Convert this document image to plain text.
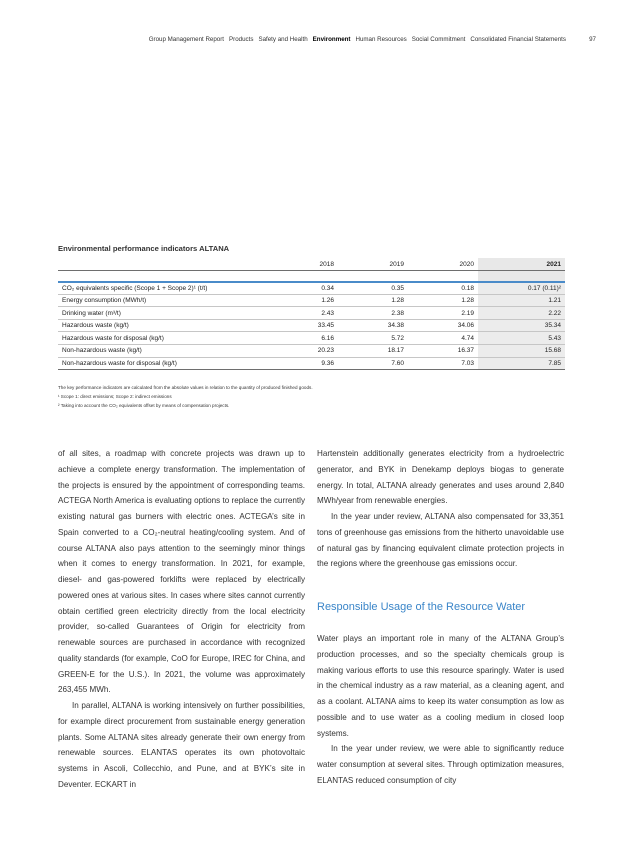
Group Management Report Products Safety and Health Environment Human Resources Social Commitment Consolidated Financial Statements	97
Environmental performance indicators ALTANA
	2018	2019	2020	2021

CO₂ equivalents specific (Scope 1 + Scope 2)¹ (t/t)	0.34	0.35	0.18	0.17 (0.11)²
Energy consumption (MWh/t)	1.26	1.28	1.28	1.21
Drinking water (m³/t)	2.43	2.38	2.19	2.22
Hazardous waste (kg/t)	33.45	34.38	34.06	35.34
Hazardous waste for disposal (kg/t)	6.16	5.72	4.74	5.43
Non-hazardous waste (kg/t)	20.23	18.17	16.37	15.68
Non-hazardous waste for disposal (kg/t)	9.36	7.60	7.03	7.85
The key performance indicators are calculated from the absolute values in relation to the quantity of produced finished goods.
¹ Scope 1: direct emissions; Scope 2: indirect emissions
² Taking into account the CO₂ equivalents offset by means of compensation projects.

of all sites, a roadmap with concrete projects was drawn up to achieve a complete energy transformation. The implementation of the projects is ensured by the appointment of corresponding teams. ACTEGA North America is evaluating options to replace the currently existing natural gas burners with electric ones. ACTEGA’s site in Spain converted to a CO₂-neutral heating/cooling system. And of course ALTANA also pays attention to the seemingly minor things when it comes to energy transformation. In 2021, for example, diesel- and gas-powered forklifts were replaced by electrically powered ones at various sites. In cases where sites cannot currently obtain certified green electricity directly from the local electricity provider, so-called Guarantees of Origin for electricity from renewable sources are purchased in accordance with recognized quality standards (for example, CoO for Europe, IREC for China, and GREEN-E for the U.S.). In 2021, the volume was approximately 263,455 MWh.

In parallel, ALTANA is working intensively on further possibilities, for example direct procurement from sustainable energy generation plants. Some ALTANA sites already generate their own energy from renewable sources. ELANTAS operates its own photovoltaic systems in Ascoli, Collecchio, and Pune, and at BYK’s site in Deventer. ECKART in

Hartenstein additionally generates electricity from a hydroelectric generator, and BYK in Denekamp deploys biogas to generate energy. In total, ALTANA already generates and uses around 2,840 MWh/year from renewable energies.

In the year under review, ALTANA also compensated for 33,351 tons of greenhouse gas emissions from the hitherto unavoidable use of natural gas by financing equivalent climate protection projects in the regions where the greenhouse gas emissions occur.

Responsible Usage of the Resource Water

Water plays an important role in many of the ALTANA Group’s production processes, and so the specialty chemicals group is making various efforts to use this resource sparingly. Water is used in the chemical industry as a raw material, as a cleaning agent, and as a coolant. ALTANA aims to keep its water consumption as low as possible and to use water as a cooling medium in closed loop systems.

In the year under review, we were able to significantly reduce water consumption at several sites. Through optimization measures, ELANTAS reduced consumption of city
